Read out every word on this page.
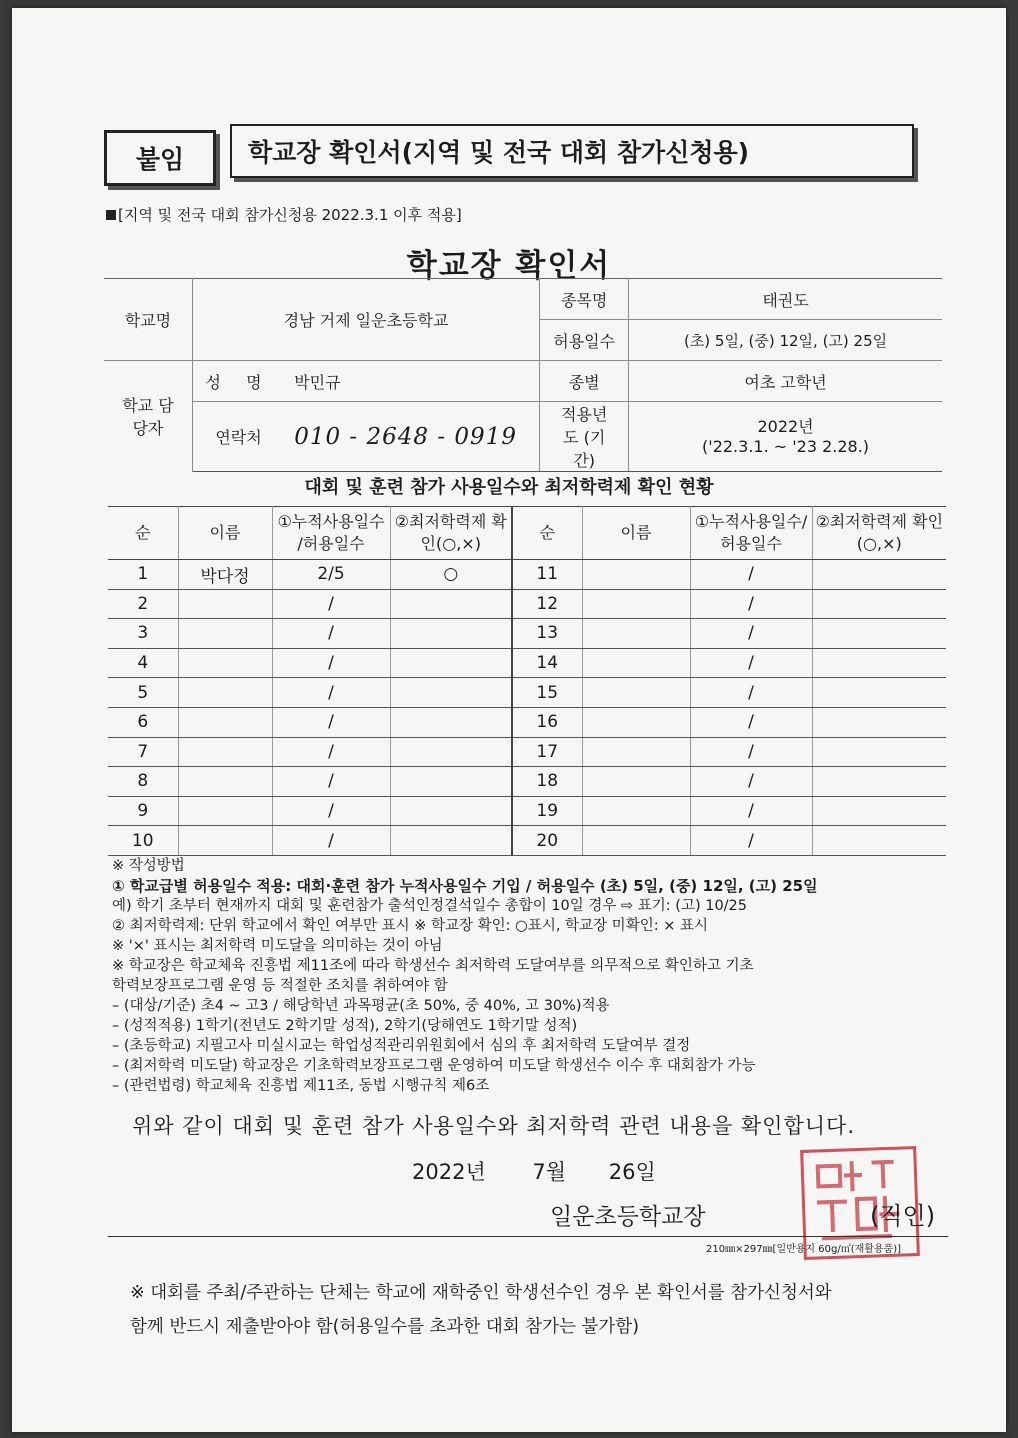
붙임	학교장 확인서(지역 및 전국 대회 참가신청용)
[지역 및 전국 대회 참가신청용 2022.3.1 이후 적용]
학교장 확인서
학교명	경남 거제 일운초등학교		종목명	태권도
			허용일수	(초) 5일, (중) 12일, (고) 25일
학교 담당자	성 명	박민규	종별	여초 고학년
	연락처	010 - 2648 - 0919	적용년도 (기간)	2022년
('22.3.1. ~ '23 2.28.)
대회 및 훈련 참가 사용일수와 최저학력제 확인 현황
순	이름	①누적사용일수 /허용일수	②최저학력제 확인(○,×)	순	이름	①누적사용일수/ 허용일수	②최저학력제 확인(○,×)
1	박다정	2/5	○	11		/	
2		/		12		/	
3		/		13		/	
4		/		14		/	
5		/		15		/	
6		/		16		/	
7		/		17		/	
8		/		18		/	
9		/		19		/	
10		/		20		/	
※ 작성방법
① 학교급별 허용일수 적용: 대회·훈련 참가 누적사용일수 기입 / 허용일수 (초) 5일, (중) 12일, (고) 25일
예) 학기 초부터 현재까지 대회 및 훈련참가 출석인정결석일수 총합이 10일 경우 ⇨ 표기: (고) 10/25
② 최저학력제: 단위 학교에서 확인 여부만 표시 ※ 학교장 확인: ○표시, 학교장 미확인: × 표시
※ '×' 표시는 최저학력 미도달을 의미하는 것이 아님
※ 학교장은 학교체육 진흥법 제11조에 따라 학생선수 최저학력 도달여부를 의무적으로 확인하고 기초
학력보장프로그램 운영 등 적절한 조치를 취하여야 함
– (대상/기준) 초4 ~ 고3 / 해당학년 과목평균(초 50%, 중 40%, 고 30%)적용
– (성적적용) 1학기(전년도 2학기말 성적), 2학기(당해연도 1학기말 성적)
– (초등학교) 지필고사 미실시교는 학업성적관리위원회에서 심의 후 최저학력 도달여부 결정
– (최저학력 미도달) 학교장은 기초학력보장프로그램 운영하여 미도달 학생선수 이수 후 대회참가 가능
– (관련법령) 학교체육 진흥법 제11조, 동법 시행규칙 제6조
위와 같이 대회 및 훈련 참가 사용일수와 최저학력 관련 내용을 확인합니다.
2022년 7월 26일
일운초등학교장	(직인)
210㎜×297㎜[일반용지 60g/㎡(재활용품)]
※ 대회를 주최/주관하는 단체는 학교에 재학중인 학생선수인 경우 본 확인서를 참가신청서와
함께 반드시 제출받아야 함(허용일수를 초과한 대회 참가는 불가함)
